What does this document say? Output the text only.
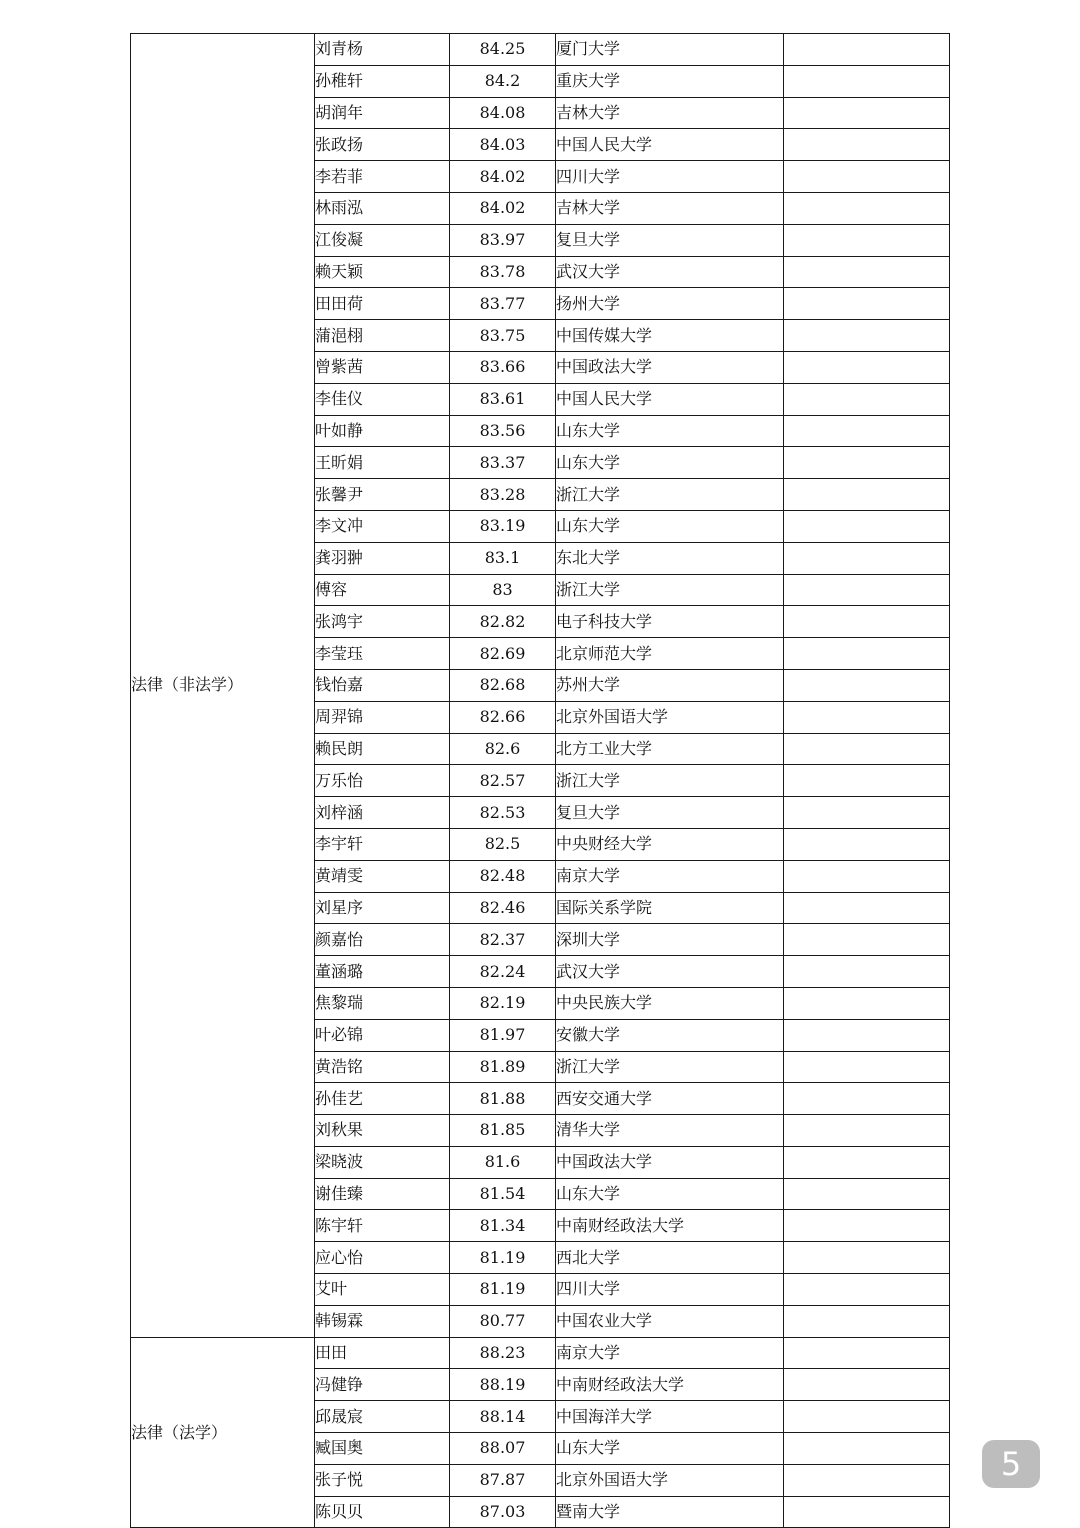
法律（非法学）	刘青杨	84.25	厦门大学	
	孙稚轩	84.2	重庆大学	
	胡润年	84.08	吉林大学	
	张政扬	84.03	中国人民大学	
	李若菲	84.02	四川大学	
	林雨泓	84.02	吉林大学	
	江俊凝	83.97	复旦大学	
	赖天颖	83.78	武汉大学	
	田田荷	83.77	扬州大学	
	蒲浥栩	83.75	中国传媒大学	
	曾紫茜	83.66	中国政法大学	
	李佳仪	83.61	中国人民大学	
	叶如静	83.56	山东大学	
	王昕娟	83.37	山东大学	
	张馨尹	83.28	浙江大学	
	李文冲	83.19	山东大学	
	龚羽翀	83.1	东北大学	
	傅容	83	浙江大学	
	张鸿宇	82.82	电子科技大学	
	李莹珏	82.69	北京师范大学	
	钱怡嘉	82.68	苏州大学	
	周羿锦	82.66	北京外国语大学	
	赖民朗	82.6	北方工业大学	
	万乐怡	82.57	浙江大学	
	刘梓涵	82.53	复旦大学	
	李宇轩	82.5	中央财经大学	
	黄靖雯	82.48	南京大学	
	刘星序	82.46	国际关系学院	
	颜嘉怡	82.37	深圳大学	
	董涵璐	82.24	武汉大学	
	焦黎瑞	82.19	中央民族大学	
	叶必锦	81.97	安徽大学	
	黄浩铭	81.89	浙江大学	
	孙佳艺	81.88	西安交通大学	
	刘秋果	81.85	清华大学	
	梁晓波	81.6	中国政法大学	
	谢佳臻	81.54	山东大学	
	陈宇轩	81.34	中南财经政法大学	
	应心怡	81.19	西北大学	
	艾叶	81.19	四川大学	
	韩锡霖	80.77	中国农业大学	
法律（法学）	田田	88.23	南京大学	
	冯健铮	88.19	中南财经政法大学	
	邱晟宸	88.14	中国海洋大学	
	臧国奥	88.07	山东大学	
	张子悦	87.87	北京外国语大学	
	陈贝贝	87.03	暨南大学	
5
